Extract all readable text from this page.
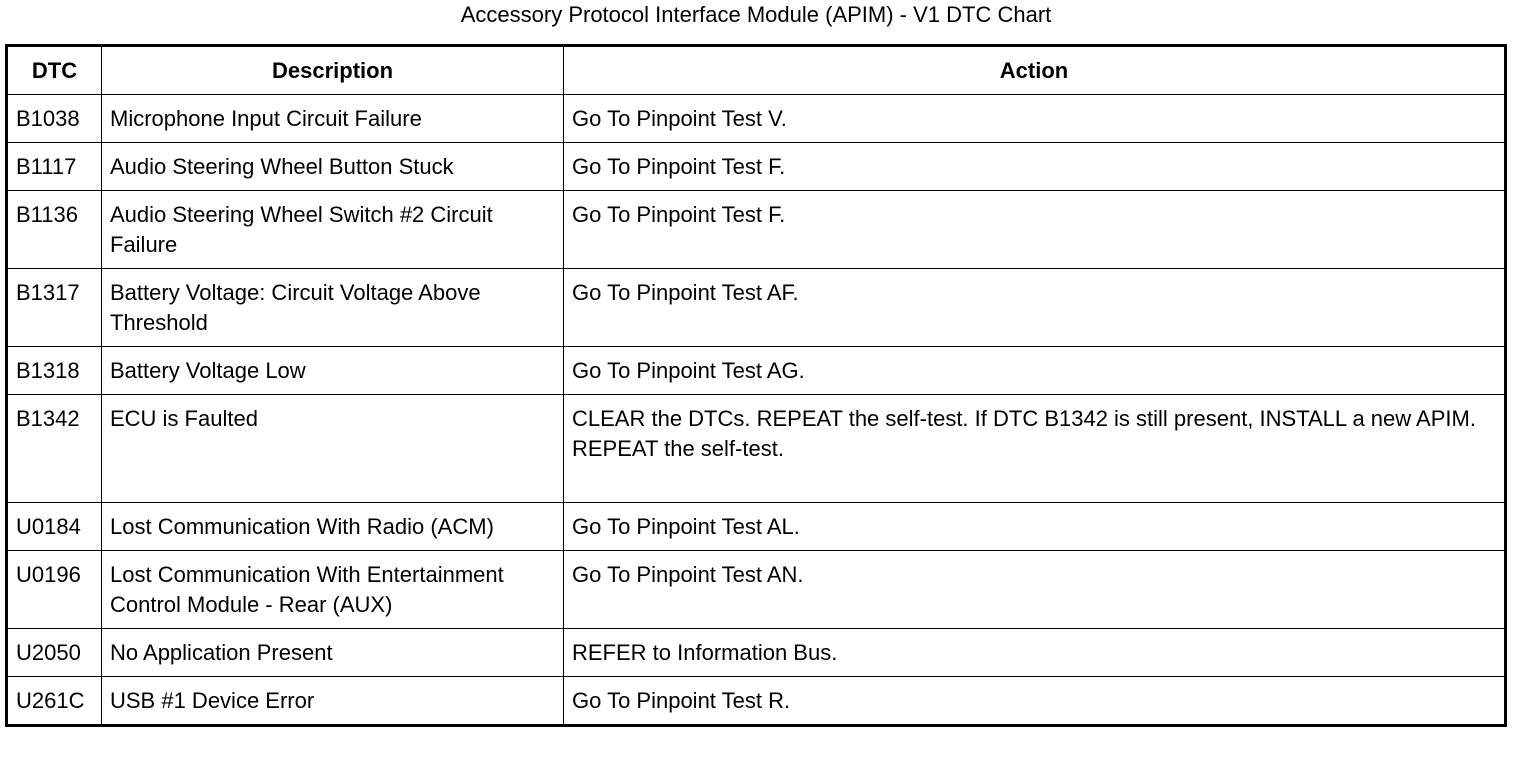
Accessory Protocol Interface Module (APIM) - V1 DTC Chart
DTC	Description	Action
B1038	Microphone Input Circuit Failure	Go To Pinpoint Test V.
B1117	Audio Steering Wheel Button Stuck	Go To Pinpoint Test F.
B1136	Audio Steering Wheel Switch #2 Circuit Failure	Go To Pinpoint Test F.
B1317	Battery Voltage: Circuit Voltage Above Threshold	Go To Pinpoint Test AF.
B1318	Battery Voltage Low	Go To Pinpoint Test AG.
B1342	ECU is Faulted	CLEAR the DTCs. REPEAT the self-test. If DTC B1342 is still present, INSTALL a new APIM. REPEAT the self-test.
U0184	Lost Communication With Radio (ACM)	Go To Pinpoint Test AL.
U0196	Lost Communication With Entertainment Control Module - Rear (AUX)	Go To Pinpoint Test AN.
U2050	No Application Present	REFER to Information Bus.
U261C	USB #1 Device Error	Go To Pinpoint Test R.
